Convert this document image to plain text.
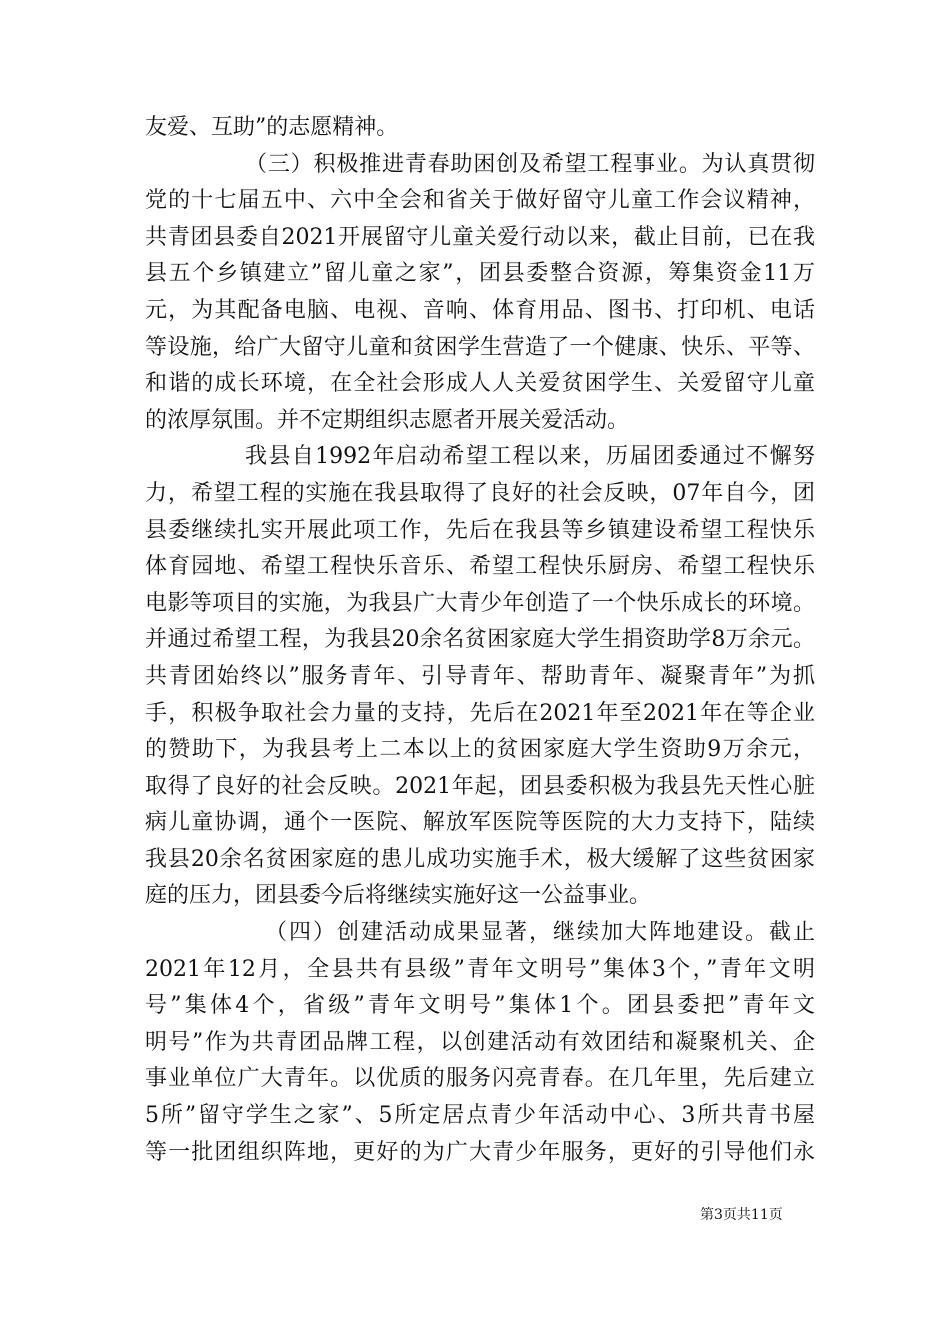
友爱、互助”的志愿精神。
（三）积极推进青春助困创及希望工程事业。为认真贯彻
党的十七届五中、六中全会和省关于做好留守儿童工作会议精神，
共青团县委自2021开展留守儿童关爱行动以来，截止目前，已在我
县五个乡镇建立”留儿童之家”，团县委整合资源，筹集资金11万
元，为其配备电脑、电视、音响、体育用品、图书、打印机、电话
等设施，给广大留守儿童和贫困学生营造了一个健康、快乐、平等、
和谐的成长环境，在全社会形成人人关爱贫困学生、关爱留守儿童
的浓厚氛围。并不定期组织志愿者开展关爱活动。
我县自1992年启动希望工程以来，历届团委通过不懈努
力，希望工程的实施在我县取得了良好的社会反映，07年自今，团
县委继续扎实开展此项工作，先后在我县等乡镇建设希望工程快乐
体育园地、希望工程快乐音乐、希望工程快乐厨房、希望工程快乐
电影等项目的实施，为我县广大青少年创造了一个快乐成长的环境。
并通过希望工程，为我县20余名贫困家庭大学生捐资助学8万余元。
共青团始终以”服务青年、引导青年、帮助青年、凝聚青年”为抓
手，积极争取社会力量的支持，先后在2021年至2021年在等企业
的赞助下，为我县考上二本以上的贫困家庭大学生资助9万余元，
取得了良好的社会反映。2021年起，团县委积极为我县先天性心脏
病儿童协调，通个一医院、解放军医院等医院的大力支持下，陆续
我县20余名贫困家庭的患儿成功实施手术，极大缓解了这些贫困家
庭的压力，团县委今后将继续实施好这一公益事业。
（四）创建活动成果显著，继续加大阵地建设。截止
2021年12月，全县共有县级”青年文明号”集体3个，”青年文明
号”集体4个，省级”青年文明号”集体1个。团县委把”青年文
明号”作为共青团品牌工程，以创建活动有效团结和凝聚机关、企
事业单位广大青年。以优质的服务闪亮青春。在几年里，先后建立
5所”留守学生之家”、5所定居点青少年活动中心、3所共青书屋
等一批团组织阵地，更好的为广大青少年服务，更好的引导他们永
第3页共11页
